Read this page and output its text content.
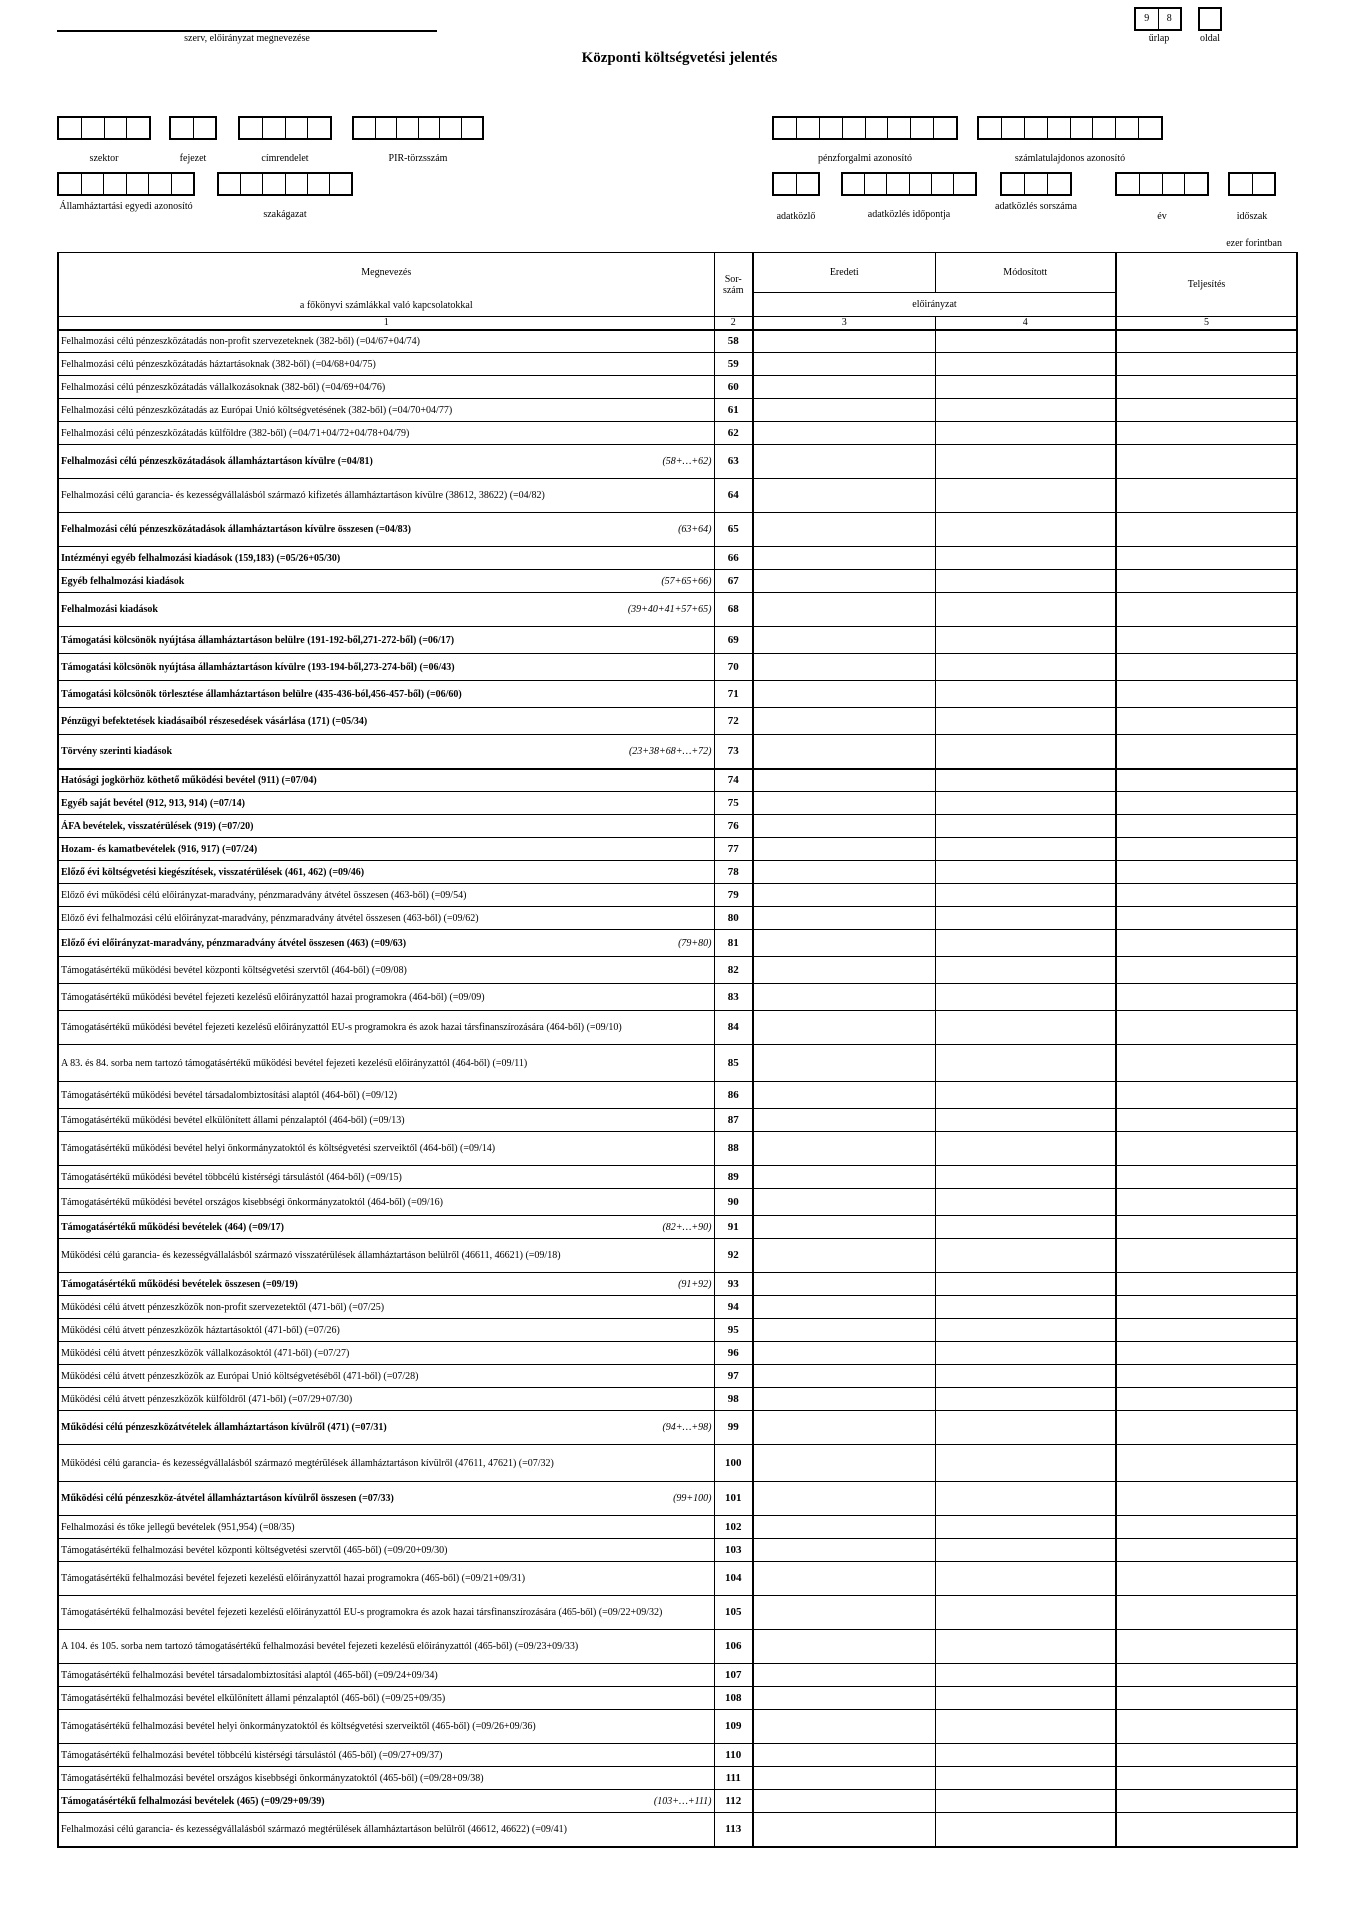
szerv, előirányzat megnevezése
9	8
űrlap	oldal
Központi költségvetési jelentés
szektor	fejezet	címrendelet	PIR-törzsszám
Államháztartási egyedi azonosító
szakágazat
pénzforgalmi azonosító	számlatulajdonos azonosító
adatközlő	adatközlés időpontja
adatközlés sorszáma
év	időszak
ezer forintban
Megnevezés
a főkönyvi számlákkal való kapcsolatokkal	Sor-szám	Eredeti	Módosított	Teljesítés
		előirányzat		
1	2	3	4	5

Felhalmozási célú pénzeszközátadás non-profit szervezeteknek (382-ből) (=04/67+04/74)	58			

Felhalmozási célú pénzeszközátadás háztartásoknak (382-ből) (=04/68+04/75)	59			

Felhalmozási célú pénzeszközátadás vállalkozásoknak (382-ből) (=04/69+04/76)	60			

Felhalmozási célú pénzeszközátadás az Európai Unió költségvetésének (382-ből) (=04/70+04/77)	61			

Felhalmozási célú pénzeszközátadás külföldre (382-ből) (=04/71+04/72+04/78+04/79)	62			

(58+…+62)
Felhalmozási célú pénzeszközátadások államháztartáson kívülre (=04/81)	63			

Felhalmozási célú garancia- és kezességvállalásból származó kifizetés államháztartáson kívülre (38612, 38622) (=04/82)	64			

(63+64)
Felhalmozási célú pénzeszközátadások államháztartáson kívülre összesen (=04/83)	65			

Intézményi egyéb felhalmozási kiadások (159,183) (=05/26+05/30)	66			

(57+65+66)
Egyéb felhalmozási kiadások	67			

(39+40+41+57+65)
Felhalmozási kiadások	68			

Támogatási kölcsönök nyújtása államháztartáson belülre (191-192-ből,271-272-ből) (=06/17)	69			

Támogatási kölcsönök nyújtása államháztartáson kívülre (193-194-ből,273-274-ből) (=06/43)	70			

Támogatási kölcsönök törlesztése államháztartáson belülre (435-436-ból,456-457-ből) (=06/60)	71			

Pénzügyi befektetések kiadásaiból részesedések vásárlása (171) (=05/34)	72			

(23+38+68+…+72)
Törvény szerinti kiadások	73			

Hatósági jogkörhöz köthető működési bevétel (911) (=07/04)	74			

Egyéb saját bevétel (912, 913, 914) (=07/14)	75			

ÁFA bevételek, visszatérülések (919) (=07/20)	76			

Hozam- és kamatbevételek (916, 917) (=07/24)	77			

Előző évi költségvetési kiegészítések, visszatérülések (461, 462) (=09/46)	78			

Előző évi működési célú előirányzat-maradvány, pénzmaradvány átvétel összesen (463-ből) (=09/54)	79			

Előző évi felhalmozási célú előirányzat-maradvány, pénzmaradvány átvétel összesen (463-ből) (=09/62)	80			

(79+80)
Előző évi előirányzat-maradvány, pénzmaradvány átvétel összesen (463) (=09/63)	81			

Támogatásértékű működési bevétel központi költségvetési szervtől (464-ből) (=09/08)	82			

Támogatásértékű működési bevétel fejezeti kezelésű előirányzattól hazai programokra (464-ből) (=09/09)	83			

Támogatásértékű működési bevétel fejezeti kezelésű előirányzattól EU-s programokra és azok hazai társfinanszírozására (464-ből) (=09/10)	84			

A 83. és 84. sorba nem tartozó támogatásértékű működési bevétel fejezeti kezelésű előirányzattól (464-ből) (=09/11)	85			

Támogatásértékű működési bevétel társadalombiztosítási alaptól (464-ből) (=09/12)	86			

Támogatásértékű működési bevétel elkülönített állami pénzalaptól (464-ből) (=09/13)	87			

Támogatásértékű működési bevétel helyi önkormányzatoktól és költségvetési szerveiktől (464-ből) (=09/14)	88			

Támogatásértékű működési bevétel többcélú kistérségi társulástól (464-ből) (=09/15)	89			

Támogatásértékű működési bevétel országos kisebbségi önkormányzatoktól (464-ből) (=09/16)	90			

(82+…+90)
Támogatásértékű működési bevételek (464) (=09/17)	91			

Működési célú garancia- és kezességvállalásból származó visszatérülések államháztartáson belülről (46611, 46621) (=09/18)	92			

(91+92)
Támogatásértékű működési bevételek összesen (=09/19)	93			

Működési célú átvett pénzeszközök non-profit szervezetektől (471-ből) (=07/25)	94			

Működési célú átvett pénzeszközök háztartásoktól (471-ből) (=07/26)	95			

Működési célú átvett pénzeszközök vállalkozásoktól (471-ből) (=07/27)	96			

Működési célú átvett pénzeszközök az Európai Unió költségvetéséből (471-ből) (=07/28)	97			

Működési célú átvett pénzeszközök külföldről (471-ből) (=07/29+07/30)	98			

(94+…+98)
Működési célú pénzeszközátvételek államháztartáson kívülről (471) (=07/31)	99			

Működési célú garancia- és kezességvállalásból származó megtérülések államháztartáson kívülről (47611, 47621) (=07/32)	100			

(99+100)
Működési célú pénzeszköz-átvétel államháztartáson kívülről összesen (=07/33)	101			

Felhalmozási és tőke jellegű bevételek (951,954) (=08/35)	102			

Támogatásértékű felhalmozási bevétel központi költségvetési szervtől (465-ből) (=09/20+09/30)	103			

Támogatásértékű felhalmozási bevétel fejezeti kezelésű előirányzattól hazai programokra (465-ből) (=09/21+09/31)	104			

Támogatásértékű felhalmozási bevétel fejezeti kezelésű előirányzattól EU-s programokra és azok hazai társfinanszírozására (465-ből) (=09/22+09/32)	105			

A 104. és 105. sorba nem tartozó támogatásértékű felhalmozási bevétel fejezeti kezelésű előirányzattól (465-ből) (=09/23+09/33)	106			

Támogatásértékű felhalmozási bevétel társadalombiztosítási alaptól (465-ből) (=09/24+09/34)	107			

Támogatásértékű felhalmozási bevétel elkülönített állami pénzalaptól (465-ből) (=09/25+09/35)	108			

Támogatásértékű felhalmozási bevétel helyi önkormányzatoktól és költségvetési szerveiktől (465-ből) (=09/26+09/36)	109			

Támogatásértékű felhalmozási bevétel többcélú kistérségi társulástól (465-ből) (=09/27+09/37)	110			

Támogatásértékű felhalmozási bevétel országos kisebbségi önkormányzatoktól (465-ből) (=09/28+09/38)	111			

(103+…+111)
Támogatásértékű felhalmozási bevételek (465) (=09/29+09/39)	112			

Felhalmozási célú garancia- és kezességvállalásból származó megtérülések államháztartáson belülről (46612, 46622) (=09/41)	113			
